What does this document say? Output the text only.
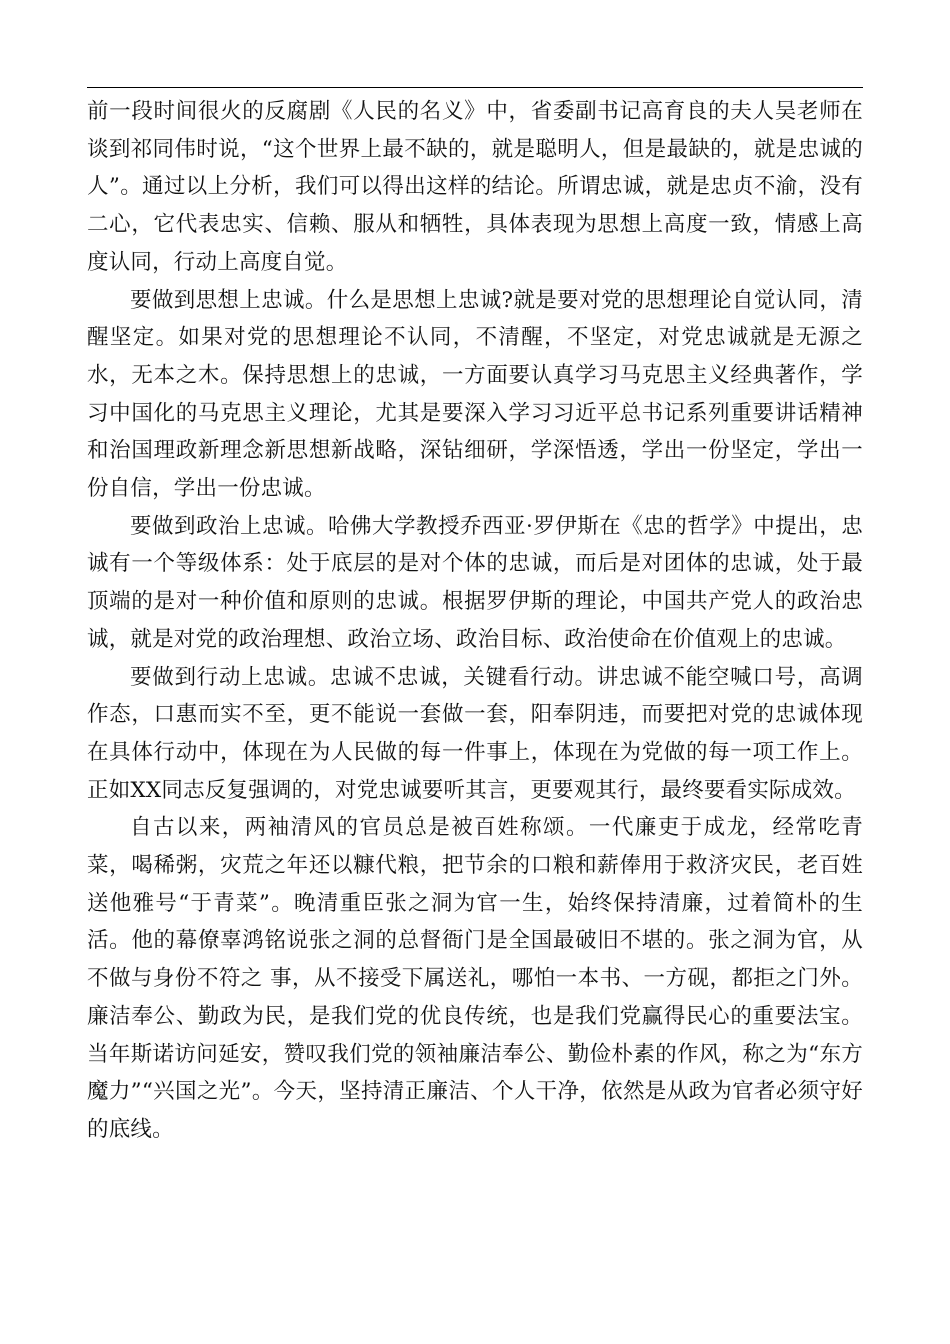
前一段时间很火的反腐剧《人民的名义》中，省委副书记高育良的夫人吴老师在谈到祁同伟时说，“这个世界上最不缺的，就是聪明人，但是最缺的，就是忠诚的人”。通过以上分析，我们可以得出这样的结论。所谓忠诚，就是忠贞不渝，没有二心，它代表忠实、信赖、服从和牺牲，具体表现为思想上高度一致，情感上高度认同，行动上高度自觉。

要做到思想上忠诚。什么是思想上忠诚?就是要对党的思想理论自觉认同，清醒坚定。如果对党的思想理论不认同，不清醒，不坚定，对党忠诚就是无源之水，无本之木。保持思想上的忠诚，一方面要认真学习马克思主义经典著作，学习中国化的马克思主义理论，尤其是要深入学习习近平总书记系列重要讲话精神和治国理政新理念新思想新战略，深钻细研，学深悟透，学出一份坚定，学出一份自信，学出一份忠诚。

要做到政治上忠诚。哈佛大学教授乔西亚·罗伊斯在《忠的哲学》中提出，忠诚有一个等级体系：处于底层的是对个体的忠诚，而后是对团体的忠诚，处于最顶端的是对一种价值和原则的忠诚。根据罗伊斯的理论，中国共产党人的政治忠诚，就是对党的政治理想、政治立场、政治目标、政治使命在价值观上的忠诚。

要做到行动上忠诚。忠诚不忠诚，关键看行动。讲忠诚不能空喊口号，高调作态，口惠而实不至，更不能说一套做一套，阳奉阴违，而要把对党的忠诚体现在具体行动中，体现在为人民做的每一件事上，体现在为党做的每一项工作上。正如XX同志反复强调的，对党忠诚要听其言，更要观其行，最终要看实际成效。

自古以来，两袖清风的官员总是被百姓称颂。一代廉吏于成龙，经常吃青菜，喝稀粥，灾荒之年还以糠代粮，把节余的口粮和薪俸用于救济灾民，老百姓送他雅号“于青菜”。晚清重臣张之洞为官一生，始终保持清廉，过着简朴的生活。他的幕僚辜鸿铭说张之洞的总督衙门是全国最破旧不堪的。张之洞为官，从不做与身份不符之 事，从不接受下属送礼，哪怕一本书、一方砚，都拒之门外。廉洁奉公、勤政为民，是我们党的优良传统，也是我们党赢得民心的重要法宝。当年斯诺访问延安，赞叹我们党的领袖廉洁奉公、勤俭朴素的作风，称之为“东方魔力”“兴国之光”。今天，坚持清正廉洁、个人干净，依然是从政为官者必须守好的底线。
